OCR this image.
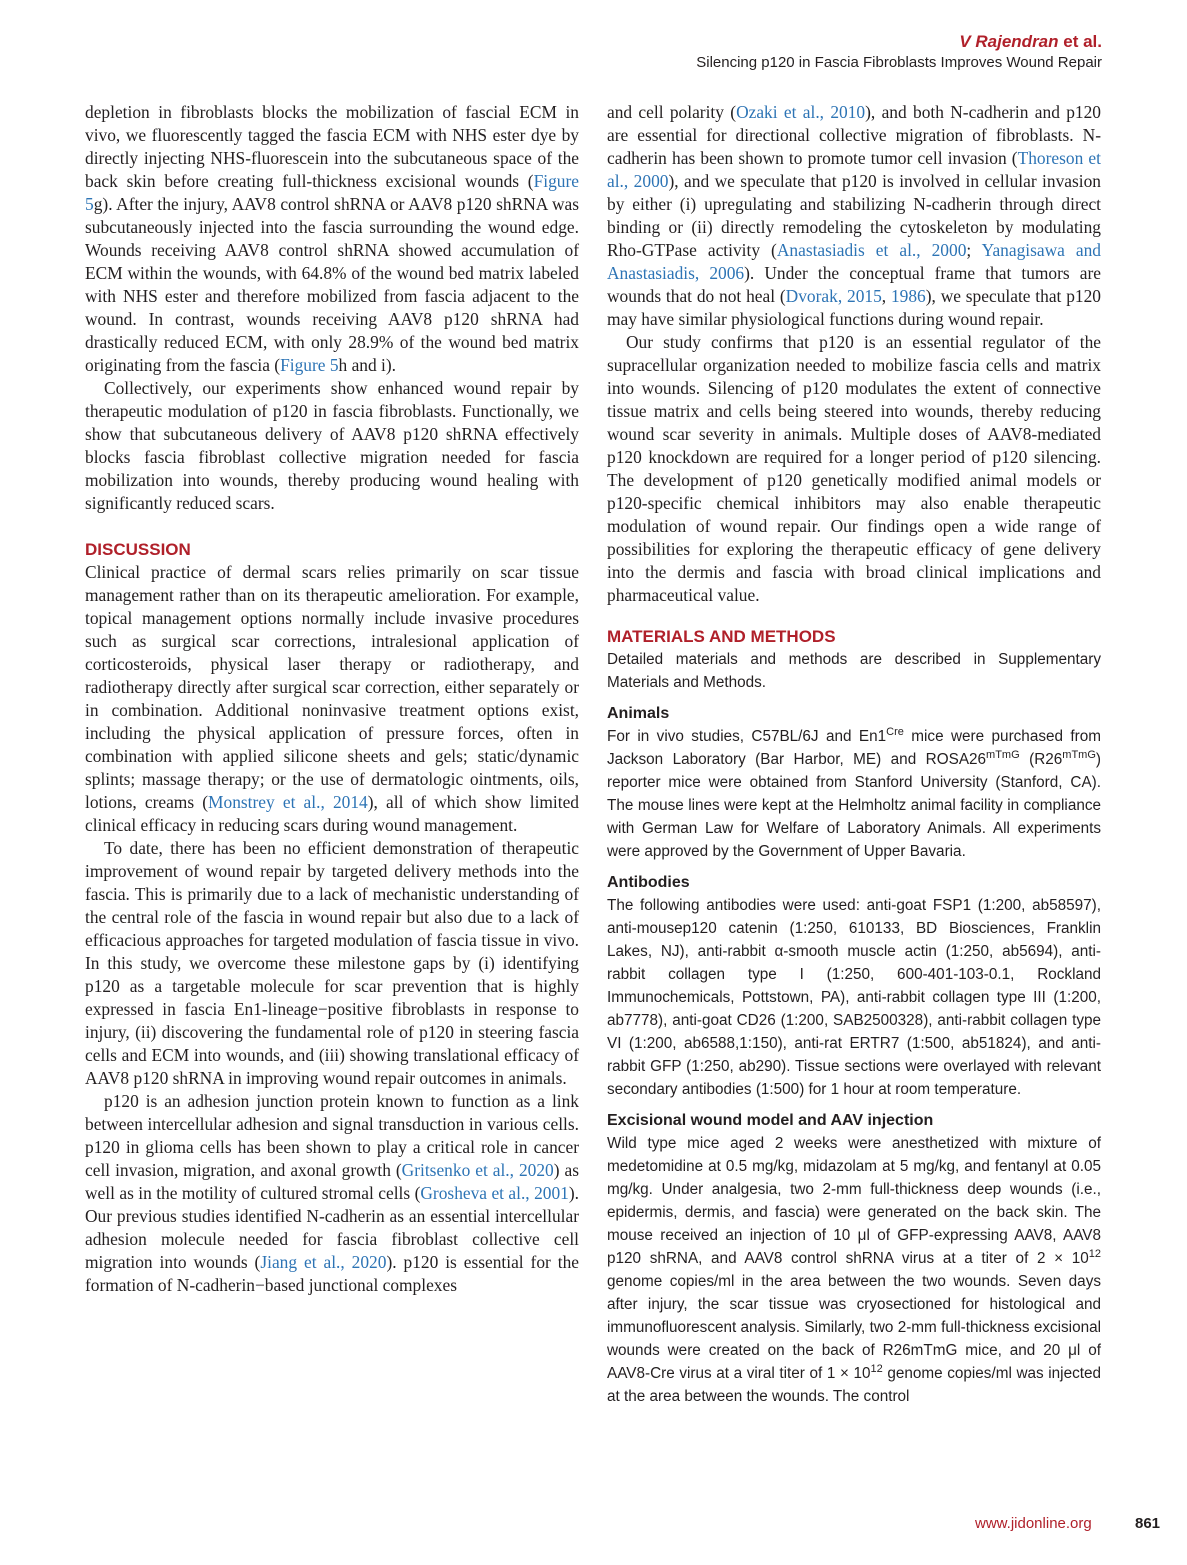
V Rajendran et al.
Silencing p120 in Fascia Fibroblasts Improves Wound Repair

depletion in fibroblasts blocks the mobilization of fascial ECM in vivo, we fluorescently tagged the fascia ECM with NHS ester dye by directly injecting NHS-fluorescein into the subcutaneous space of the back skin before creating full-thickness excisional wounds (Figure 5g). After the injury, AAV8 control shRNA or AAV8 p120 shRNA was subcutaneously injected into the fascia surrounding the wound edge. Wounds receiving AAV8 control shRNA showed accumulation of ECM within the wounds, with 64.8% of the wound bed matrix labeled with NHS ester and therefore mobilized from fascia adjacent to the wound. In contrast, wounds receiving AAV8 p120 shRNA had drastically reduced ECM, with only 28.9% of the wound bed matrix originating from the fascia (Figure 5h and i).

Collectively, our experiments show enhanced wound repair by therapeutic modulation of p120 in fascia fibroblasts. Functionally, we show that subcutaneous delivery of AAV8 p120 shRNA effectively blocks fascia fibroblast collective migration needed for fascia mobilization into wounds, thereby producing wound healing with significantly reduced scars.

DISCUSSION

Clinical practice of dermal scars relies primarily on scar tissue management rather than on its therapeutic amelioration. For example, topical management options normally include invasive procedures such as surgical scar corrections, intralesional application of corticosteroids, physical laser therapy or radiotherapy, and radiotherapy directly after surgical scar correction, either separately or in combination. Additional noninvasive treatment options exist, including the physical application of pressure forces, often in combination with applied silicone sheets and gels; static/dynamic splints; massage therapy; or the use of dermatologic ointments, oils, lotions, creams (Monstrey et al., 2014), all of which show limited clinical efficacy in reducing scars during wound management.

To date, there has been no efficient demonstration of therapeutic improvement of wound repair by targeted delivery methods into the fascia. This is primarily due to a lack of mechanistic understanding of the central role of the fascia in wound repair but also due to a lack of efficacious approaches for targeted modulation of fascia tissue in vivo. In this study, we overcome these milestone gaps by (i) identifying p120 as a targetable molecule for scar prevention that is highly expressed in fascia En1-lineage−positive fibroblasts in response to injury, (ii) discovering the fundamental role of p120 in steering fascia cells and ECM into wounds, and (iii) showing translational efficacy of AAV8 p120 shRNA in improving wound repair outcomes in animals.

p120 is an adhesion junction protein known to function as a link between intercellular adhesion and signal transduction in various cells. p120 in glioma cells has been shown to play a critical role in cancer cell invasion, migration, and axonal growth (Gritsenko et al., 2020) as well as in the motility of cultured stromal cells (Grosheva et al., 2001). Our previous studies identified N-cadherin as an essential intercellular adhesion molecule needed for fascia fibroblast collective cell migration into wounds (Jiang et al., 2020). p120 is essential for the formation of N-cadherin−based junctional complexes

and cell polarity (Ozaki et al., 2010), and both N-cadherin and p120 are essential for directional collective migration of fibroblasts. N-cadherin has been shown to promote tumor cell invasion (Thoreson et al., 2000), and we speculate that p120 is involved in cellular invasion by either (i) upregulating and stabilizing N-cadherin through direct binding or (ii) directly remodeling the cytoskeleton by modulating Rho-GTPase activity (Anastasiadis et al., 2000; Yanagisawa and Anastasiadis, 2006). Under the conceptual frame that tumors are wounds that do not heal (Dvorak, 2015, 1986), we speculate that p120 may have similar physiological functions during wound repair.

Our study confirms that p120 is an essential regulator of the supracellular organization needed to mobilize fascia cells and matrix into wounds. Silencing of p120 modulates the extent of connective tissue matrix and cells being steered into wounds, thereby reducing wound scar severity in animals. Multiple doses of AAV8-mediated p120 knockdown are required for a longer period of p120 silencing. The development of p120 genetically modified animal models or p120-specific chemical inhibitors may also enable therapeutic modulation of wound repair. Our findings open a wide range of possibilities for exploring the therapeutic efficacy of gene delivery into the dermis and fascia with broad clinical implications and pharmaceutical value.

MATERIALS AND METHODS

Detailed materials and methods are described in Supplementary Materials and Methods.

Animals

For in vivo studies, C57BL/6J and $En1^{Cre}$ mice were purchased from Jackson Laboratory (Bar Harbor, ME) and $ROSA26^{mTmG}$ $(R26^{mTmG})$ reporter mice were obtained from Stanford University (Stanford, CA). The mouse lines were kept at the Helmholtz animal facility in compliance with German Law for Welfare of Laboratory Animals. All experiments were approved by the Government of Upper Bavaria.

Antibodies

The following antibodies were used: anti-goat FSP1 (1:200, ab58597), anti-mousep120 catenin (1:250, 610133, BD Biosciences, Franklin Lakes, NJ), anti-rabbit α-smooth muscle actin (1:250, ab5694), anti-rabbit collagen type I (1:250, 600-401-103-0.1, Rockland Immunochemicals, Pottstown, PA), anti-rabbit collagen type III (1:200, ab7778), anti-goat CD26 (1:200, SAB2500328), anti-rabbit collagen type VI (1:200, ab6588,1:150), anti-rat ERTR7 (1:500, ab51824), and anti-rabbit GFP (1:250, ab290). Tissue sections were overlayed with relevant secondary antibodies (1:500) for 1 hour at room temperature.

Excisional wound model and AAV injection

Wild type mice aged 2 weeks were anesthetized with mixture of medetomidine at 0.5 mg/kg, midazolam at 5 mg/kg, and fentanyl at 0.05 mg/kg. Under analgesia, two 2-mm full-thickness deep wounds (i.e., epidermis, dermis, and fascia) were generated on the back skin. The mouse received an injection of 10 μl of GFP-expressing AAV8, AAV8 p120 shRNA, and AAV8 control shRNA virus at a titer of $2 \times 10^{12}$ genome copies/ml in the area between the two wounds. Seven days after injury, the scar tissue was cryosectioned for histological and immunofluorescent analysis. Similarly, two 2-mm full-thickness excisional wounds were created on the back of R26mTmG mice, and 20 μl of AAV8-Cre virus at a viral titer of $1 \times 10^{12}$ genome copies/ml was injected at the area between the wounds. The control

www.jidonline.org	861
